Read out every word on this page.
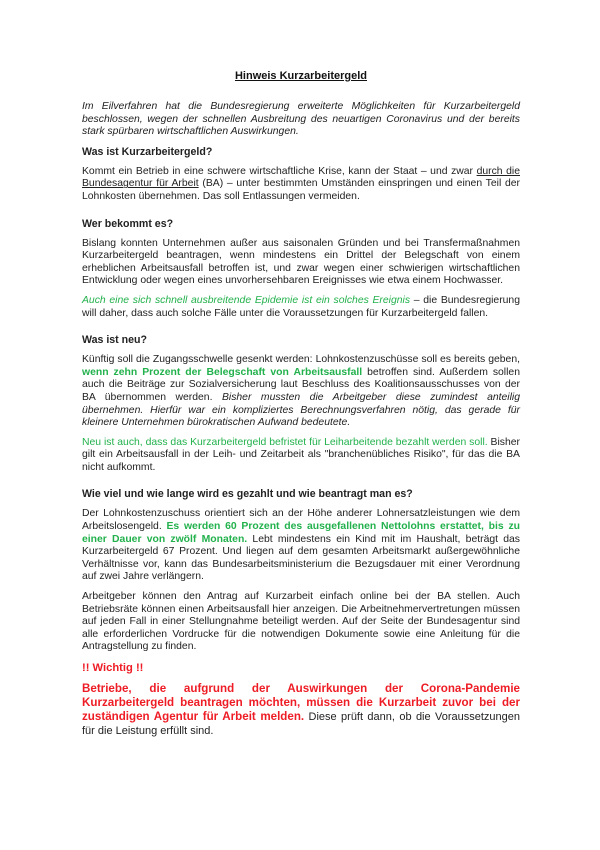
Hinweis Kurzarbeitergeld

Im Eilverfahren hat die Bundesregierung erweiterte Möglichkeiten für Kurzarbeitergeld beschlossen, wegen der schnellen Ausbreitung des neuartigen Coronavirus und der bereits stark spürbaren wirtschaftlichen Auswirkungen.

Was ist Kurzarbeitergeld?

Kommt ein Betrieb in eine schwere wirtschaftliche Krise, kann der Staat – und zwar durch die Bundesagentur für Arbeit (BA) – unter bestimmten Umständen einspringen und einen Teil der Lohnkosten übernehmen. Das soll Entlassungen vermeiden.

Wer bekommt es?

Bislang konnten Unternehmen außer aus saisonalen Gründen und bei Transfermaßnahmen Kurzarbeitergeld beantragen, wenn mindestens ein Drittel der Belegschaft von einem erheblichen Arbeitsausfall betroffen ist, und zwar wegen einer schwierigen wirtschaftlichen Entwicklung oder wegen eines unvorhersehbaren Ereignisses wie etwa einem Hochwasser.

Auch eine sich schnell ausbreitende Epidemie ist ein solches Ereignis – die Bundesregierung will daher, dass auch solche Fälle unter die Voraussetzungen für Kurzarbeitergeld fallen.

Was ist neu?

Künftig soll die Zugangsschwelle gesenkt werden: Lohnkostenzuschüsse soll es bereits geben, wenn zehn Prozent der Belegschaft von Arbeitsausfall betroffen sind. Außerdem sollen auch die Beiträge zur Sozialversicherung laut Beschluss des Koalitionsausschusses von der BA übernommen werden. Bisher mussten die Arbeitgeber diese zumindest anteilig übernehmen. Hierfür war ein kompliziertes Berechnungsverfahren nötig, das gerade für kleinere Unternehmen bürokratischen Aufwand bedeutete.

Neu ist auch, dass das Kurzarbeitergeld befristet für Leiharbeitende bezahlt werden soll. Bisher gilt ein Arbeitsausfall in der Leih- und Zeitarbeit als "branchenübliches Risiko", für das die BA nicht aufkommt.

Wie viel und wie lange wird es gezahlt und wie beantragt man es?

Der Lohnkostenzuschuss orientiert sich an der Höhe anderer Lohnersatzleistungen wie dem Arbeitslosengeld. Es werden 60 Prozent des ausgefallenen Nettolohns erstattet, bis zu einer Dauer von zwölf Monaten. Lebt mindestens ein Kind mit im Haushalt, beträgt das Kurzarbeitergeld 67 Prozent. Und liegen auf dem gesamten Arbeitsmarkt außergewöhnliche Verhältnisse vor, kann das Bundesarbeitsministerium die Bezugsdauer mit einer Verordnung auf zwei Jahre verlängern.

Arbeitgeber können den Antrag auf Kurzarbeit einfach online bei der BA stellen. Auch Betriebsräte können einen Arbeitsausfall hier anzeigen. Die Arbeitnehmervertretungen müssen auf jeden Fall in einer Stellungnahme beteiligt werden. Auf der Seite der Bundesagentur sind alle erforderlichen Vordrucke für die notwendigen Dokumente sowie eine Anleitung für die Antragstellung zu finden.

!! Wichtig !!

Betriebe, die aufgrund der Auswirkungen der Corona-Pandemie Kurzarbeitergeld beantragen möchten, müssen die Kurzarbeit zuvor bei der zuständigen Agentur für Arbeit melden. Diese prüft dann, ob die Voraussetzungen für die Leistung erfüllt sind.
